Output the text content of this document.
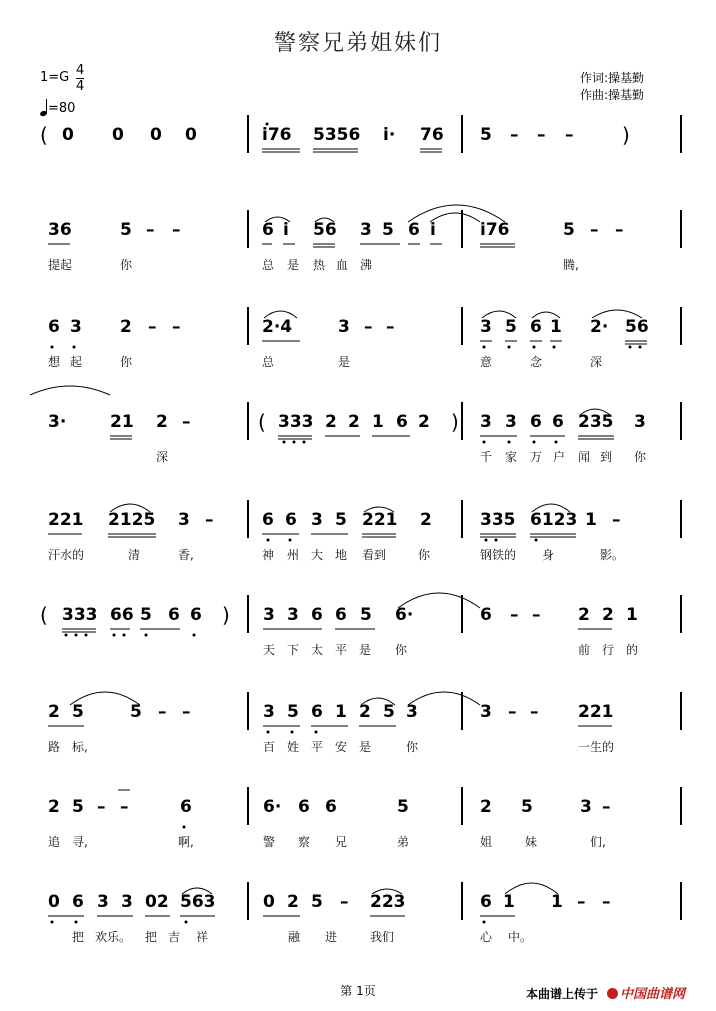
警察兄弟姐妹们
1=G 4
4
=80
作词:操基勤
作曲:操基勤
0 0 0 0	i̇76 5356 i̇· 76 5 – – –
(	)
36	5 – –	6 i̇ 56 3 5 6 i̇	i̇76	5 – –
提起	你	总 是 热 血 沸	腾,
6 3 2 – –	2·4	3 – –	3 5 6 1 2· 56
想 起	你	总	是	意	念	深
3·	21 2 –	333 2 2 1 6 2	3 3 6 6 235 3
(	)
深	千 家 万 户 闻 到 你
221 2125 3 –	6 6 3 5 221 2	335 6123 1 –
汗水的	清	香,	神 州 大 地 看到	你	钢铁的 身	影。
333 66 5 6 6	3 3 6 6 5 6·	6 – – 2 2 1
(	)
天 下 太 平 是 你	前 行 的
2 5	5 – –	3 5 6 1 2 5 3	3 – – 221
路 标,	百 姓 平 安 是	你	一生的
2 5 – –	6	6· 6 6	5	2 5	3 –
追 寻,	啊,	警 察 兄	弟	姐	妹	们,
0 6 3 3 02 563	0 2 5 – 223	6 1 1 – –
把 欢乐。 把 吉 祥	融 进	我们	心 中。
第 1页	本曲谱上传于	中国曲谱网
